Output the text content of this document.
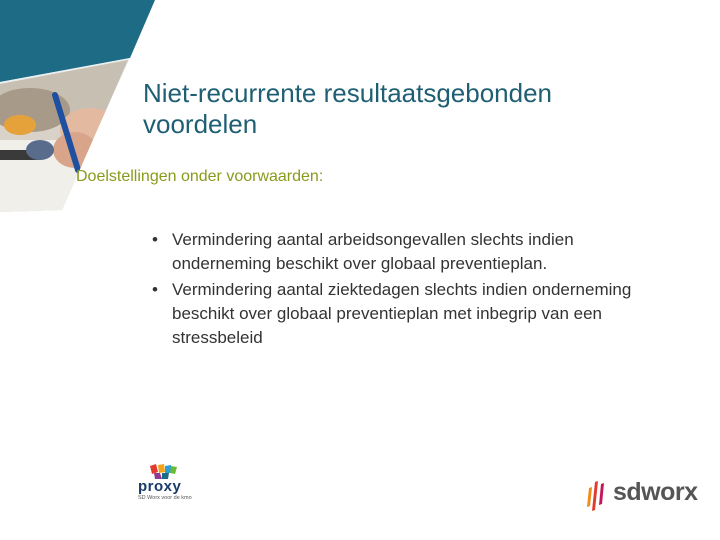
Niet-recurrente resultaatsgebonden
voordelen

Doelstellingen onder voorwaarden:

• Vermindering aantal arbeidsongevallen slechts indien onderneming beschikt over globaal preventieplan.
• Vermindering aantal ziektedagen slechts indien onderneming beschikt over globaal preventieplan met inbegrip van een stressbeleid
proxy
SD Worx voor de kmo	sdworx
